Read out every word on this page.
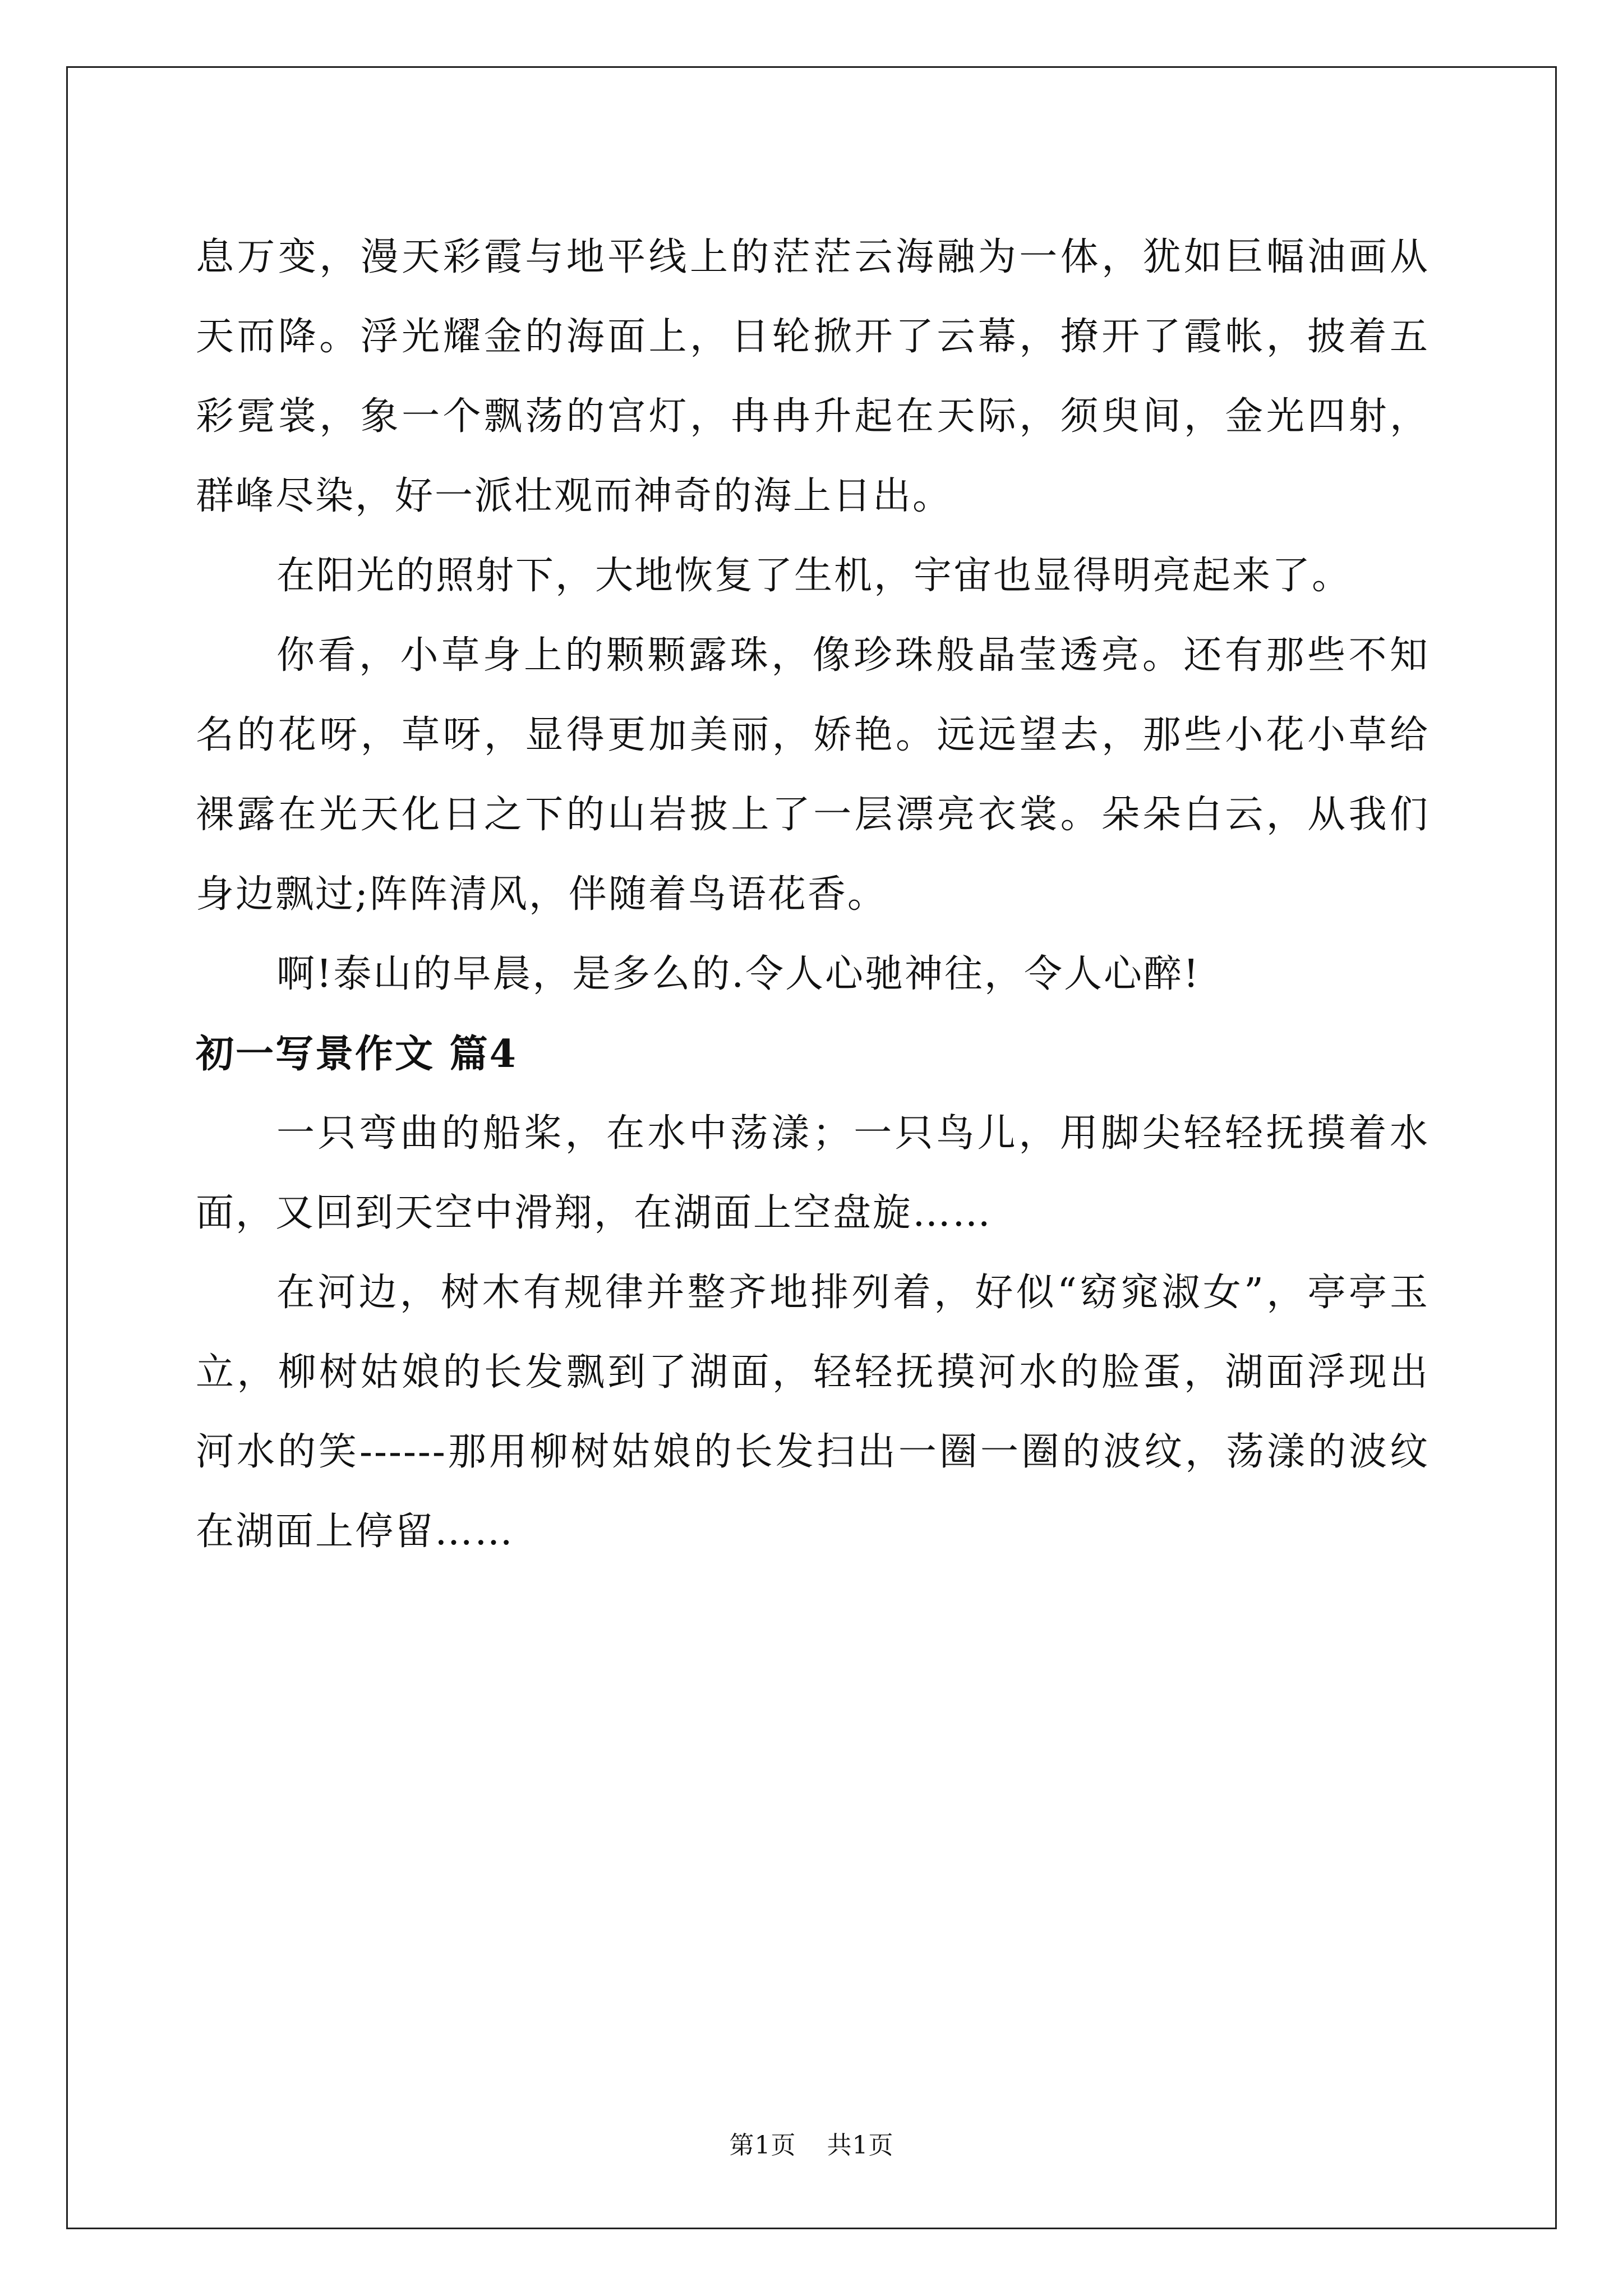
息万变，漫天彩霞与地平线上的茫茫云海融为一体，犹如巨幅油画从天而降。浮光耀金的海面上，日轮掀开了云幕，撩开了霞帐，披着五彩霓裳，象一个飘荡的宫灯，冉冉升起在天际，须臾间，金光四射，群峰尽染，好一派壮观而神奇的海上日出。

在阳光的照射下，大地恢复了生机，宇宙也显得明亮起来了。

你看，小草身上的颗颗露珠，像珍珠般晶莹透亮。还有那些不知名的花呀，草呀，显得更加美丽，娇艳。远远望去，那些小花小草给裸露在光天化日之下的山岩披上了一层漂亮衣裳。朵朵白云，从我们身边飘过;阵阵清风，伴随着鸟语花香。

啊!泰山的早晨，是多么的.令人心驰神往，令人心醉!

初一写景作文 篇4

一只弯曲的船桨，在水中荡漾；一只鸟儿，用脚尖轻轻抚摸着水面，又回到天空中滑翔，在湖面上空盘旋……

在河边，树木有规律并整齐地排列着，好似“窈窕淑女”，亭亭玉立，柳树姑娘的长发飘到了湖面，轻轻抚摸河水的脸蛋，湖面浮现出河水的笑------那用柳树姑娘的长发扫出一圈一圈的波纹，荡漾的波纹在湖面上停留……

第1页 共1页
